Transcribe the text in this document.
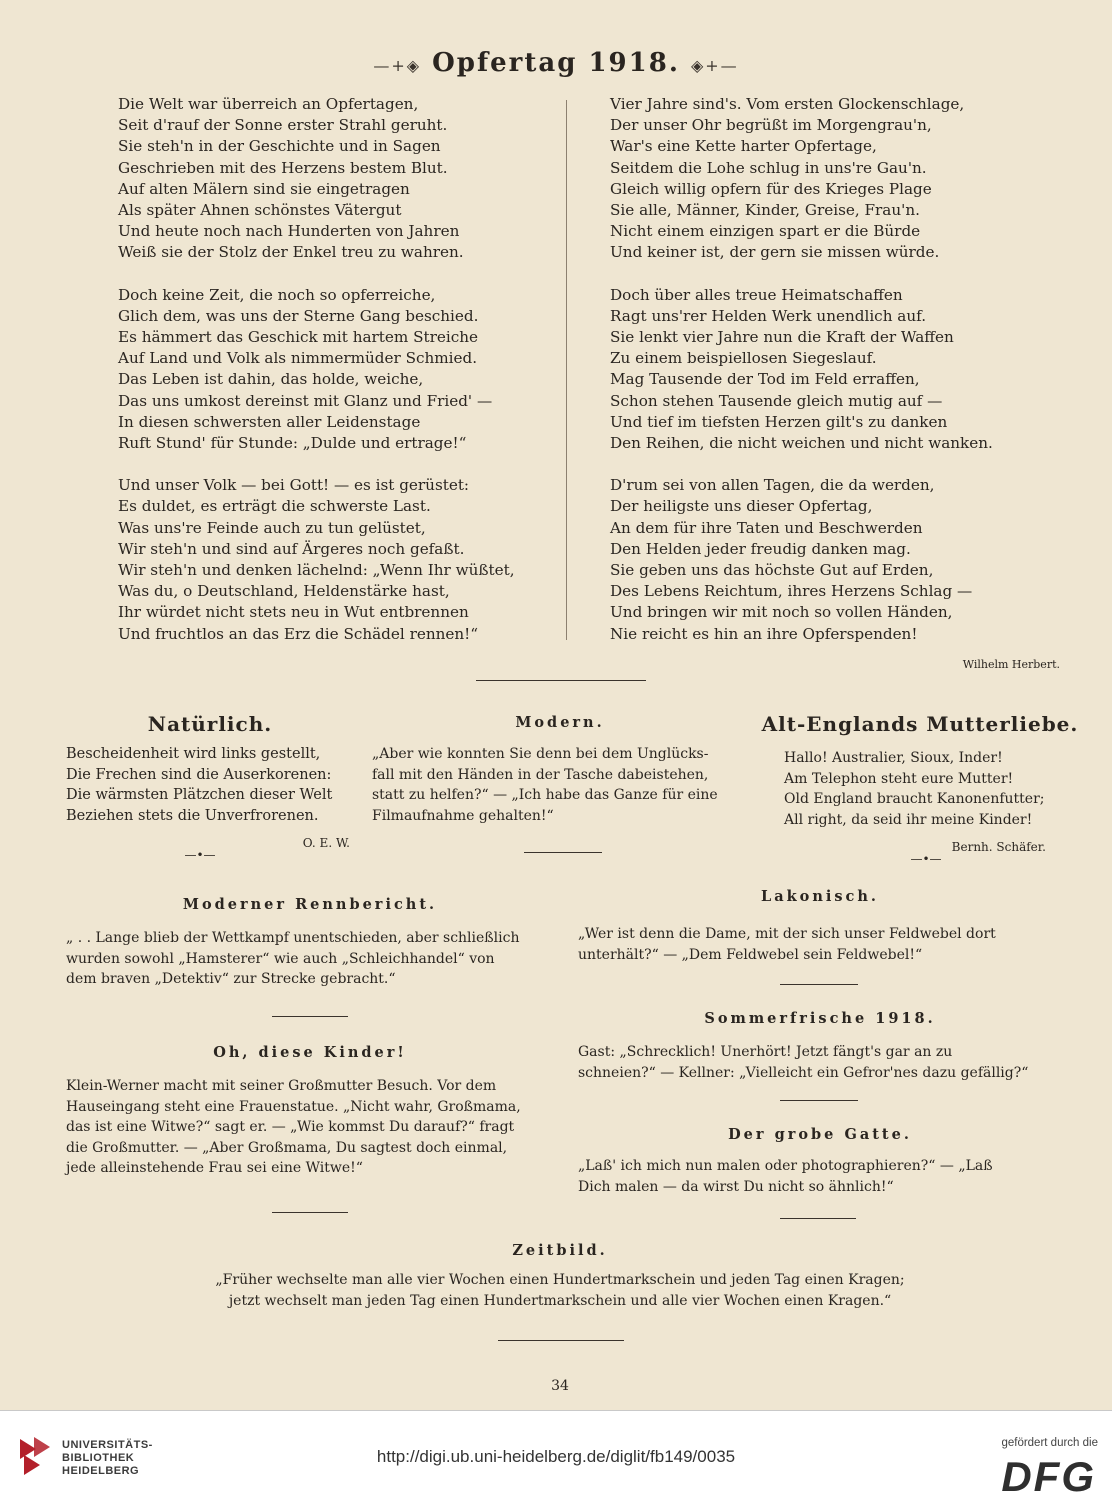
—+◈ Opfertag 1918. ◈+—
Die Welt war überreich an Opfertagen,
Seit d'rauf der Sonne erster Strahl geruht.
Sie steh'n in der Geschichte und in Sagen
Geschrieben mit des Herzens bestem Blut.
Auf alten Mälern sind sie eingetragen
Als später Ahnen schönstes Vätergut
Und heute noch nach Hunderten von Jahren
Weiß sie der Stolz der Enkel treu zu wahren.
Doch keine Zeit, die noch so opferreiche,
Glich dem, was uns der Sterne Gang beschied.
Es hämmert das Geschick mit hartem Streiche
Auf Land und Volk als nimmermüder Schmied.
Das Leben ist dahin, das holde, weiche,
Das uns umkost dereinst mit Glanz und Fried' —
In diesen schwersten aller Leidenstage
Ruft Stund' für Stunde: „Dulde und ertrage!“
Und unser Volk — bei Gott! — es ist gerüstet:
Es duldet, es erträgt die schwerste Last.
Was uns're Feinde auch zu tun gelüstet,
Wir steh'n und sind auf Ärgeres noch gefaßt.
Wir steh'n und denken lächelnd: „Wenn Ihr wüßtet,
Was du, o Deutschland, Heldenstärke hast,
Ihr würdet nicht stets neu in Wut entbrennen
Und fruchtlos an das Erz die Schädel rennen!“
Vier Jahre sind's. Vom ersten Glockenschlage,
Der unser Ohr begrüßt im Morgengrau'n,
War's eine Kette harter Opfertage,
Seitdem die Lohe schlug in uns're Gau'n.
Gleich willig opfern für des Krieges Plage
Sie alle, Männer, Kinder, Greise, Frau'n.
Nicht einem einzigen spart er die Bürde
Und keiner ist, der gern sie missen würde.
Doch über alles treue Heimatschaffen
Ragt uns'rer Helden Werk unendlich auf.
Sie lenkt vier Jahre nun die Kraft der Waffen
Zu einem beispiellosen Siegeslauf.
Mag Tausende der Tod im Feld erraffen,
Schon stehen Tausende gleich mutig auf —
Und tief im tiefsten Herzen gilt's zu danken
Den Reihen, die nicht weichen und nicht wanken.
D'rum sei von allen Tagen, die da werden,
Der heiligste uns dieser Opfertag,
An dem für ihre Taten und Beschwerden
Den Helden jeder freudig danken mag.
Sie geben uns das höchste Gut auf Erden,
Des Lebens Reichtum, ihres Herzens Schlag —
Und bringen wir mit noch so vollen Händen,
Nie reicht es hin an ihre Opferspenden!
Wilhelm Herbert.
Natürlich.
Bescheidenheit wird links gestellt,
Die Frechen sind die Auserkorenen:
Die wärmsten Plätzchen dieser Welt
Beziehen stets die Unverfrorenen.
O. E. W.
—•—
Modern.
„Aber wie konnten Sie denn bei dem Unglücks-
fall mit den Händen in der Tasche dabeistehen,
statt zu helfen?“ — „Ich habe das Ganze für eine
Filmaufnahme gehalten!“
Alt-Englands Mutterliebe.
Hallo! Australier, Sioux, Inder!
Am Telephon steht eure Mutter!
Old England braucht Kanonenfutter;
All right, da seid ihr meine Kinder!
Bernh. Schäfer.
—•—
Moderner Rennbericht.
„ . . Lange blieb der Wettkampf unentschieden, aber schließlich
wurden sowohl „Hamsterer“ wie auch „Schleichhandel“ von
dem braven „Detektiv“ zur Strecke gebracht.“
Oh, diese Kinder!
Klein-Werner macht mit seiner Großmutter Besuch. Vor dem
Hauseingang steht eine Frauenstatue. „Nicht wahr, Großmama,
das ist eine Witwe?“ sagt er. — „Wie kommst Du darauf?“ fragt
die Großmutter. — „Aber Großmama, Du sagtest doch einmal,
jede alleinstehende Frau sei eine Witwe!“
Lakonisch.
„Wer ist denn die Dame, mit der sich unser Feldwebel dort
unterhält?“ — „Dem Feldwebel sein Feldwebel!“
Sommerfrische 1918.
Gast: „Schrecklich! Unerhört! Jetzt fängt's gar an zu
schneien?“ — Kellner: „Vielleicht ein Gefror'nes dazu gefällig?“
Der grobe Gatte.
„Laß' ich mich nun malen oder photographieren?“ — „Laß
Dich malen — da wirst Du nicht so ähnlich!“
Zeitbild.
„Früher wechselte man alle vier Wochen einen Hundertmarkschein und jeden Tag einen Kragen;
jetzt wechselt man jeden Tag einen Hundertmarkschein und alle vier Wochen einen Kragen.“
34
UNIVERSITÄTS-
BIBLIOTHEK
HEIDELBERG
http://digi.ub.uni-heidelberg.de/diglit/fb149/0035
gefördert durch die
DFG
